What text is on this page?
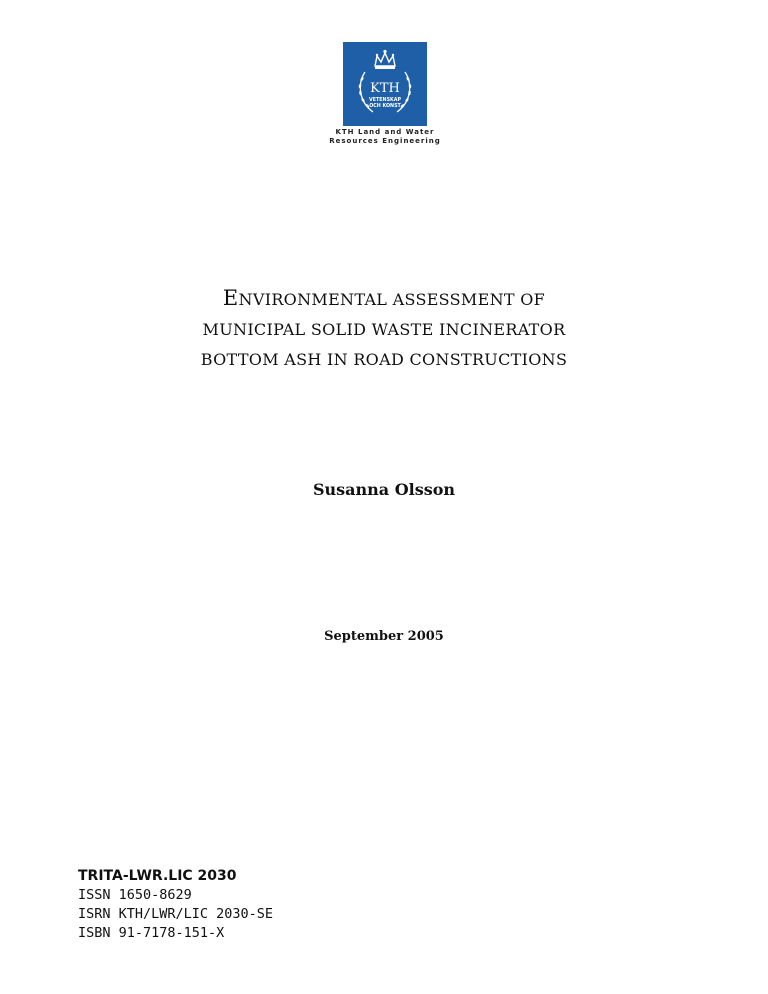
KTH
VETENSKAP
OCH KONST
KTH Land and Water
Resources Engineering
ENVIRONMENTAL ASSESSMENT OF
MUNICIPAL SOLID WASTE INCINERATOR
BOTTOM ASH IN ROAD CONSTRUCTIONS
Susanna Olsson
September 2005
TRITA-LWR.LIC 2030
ISSN 1650-8629
ISRN KTH/LWR/LIC 2030-SE
ISBN 91-7178-151-X
